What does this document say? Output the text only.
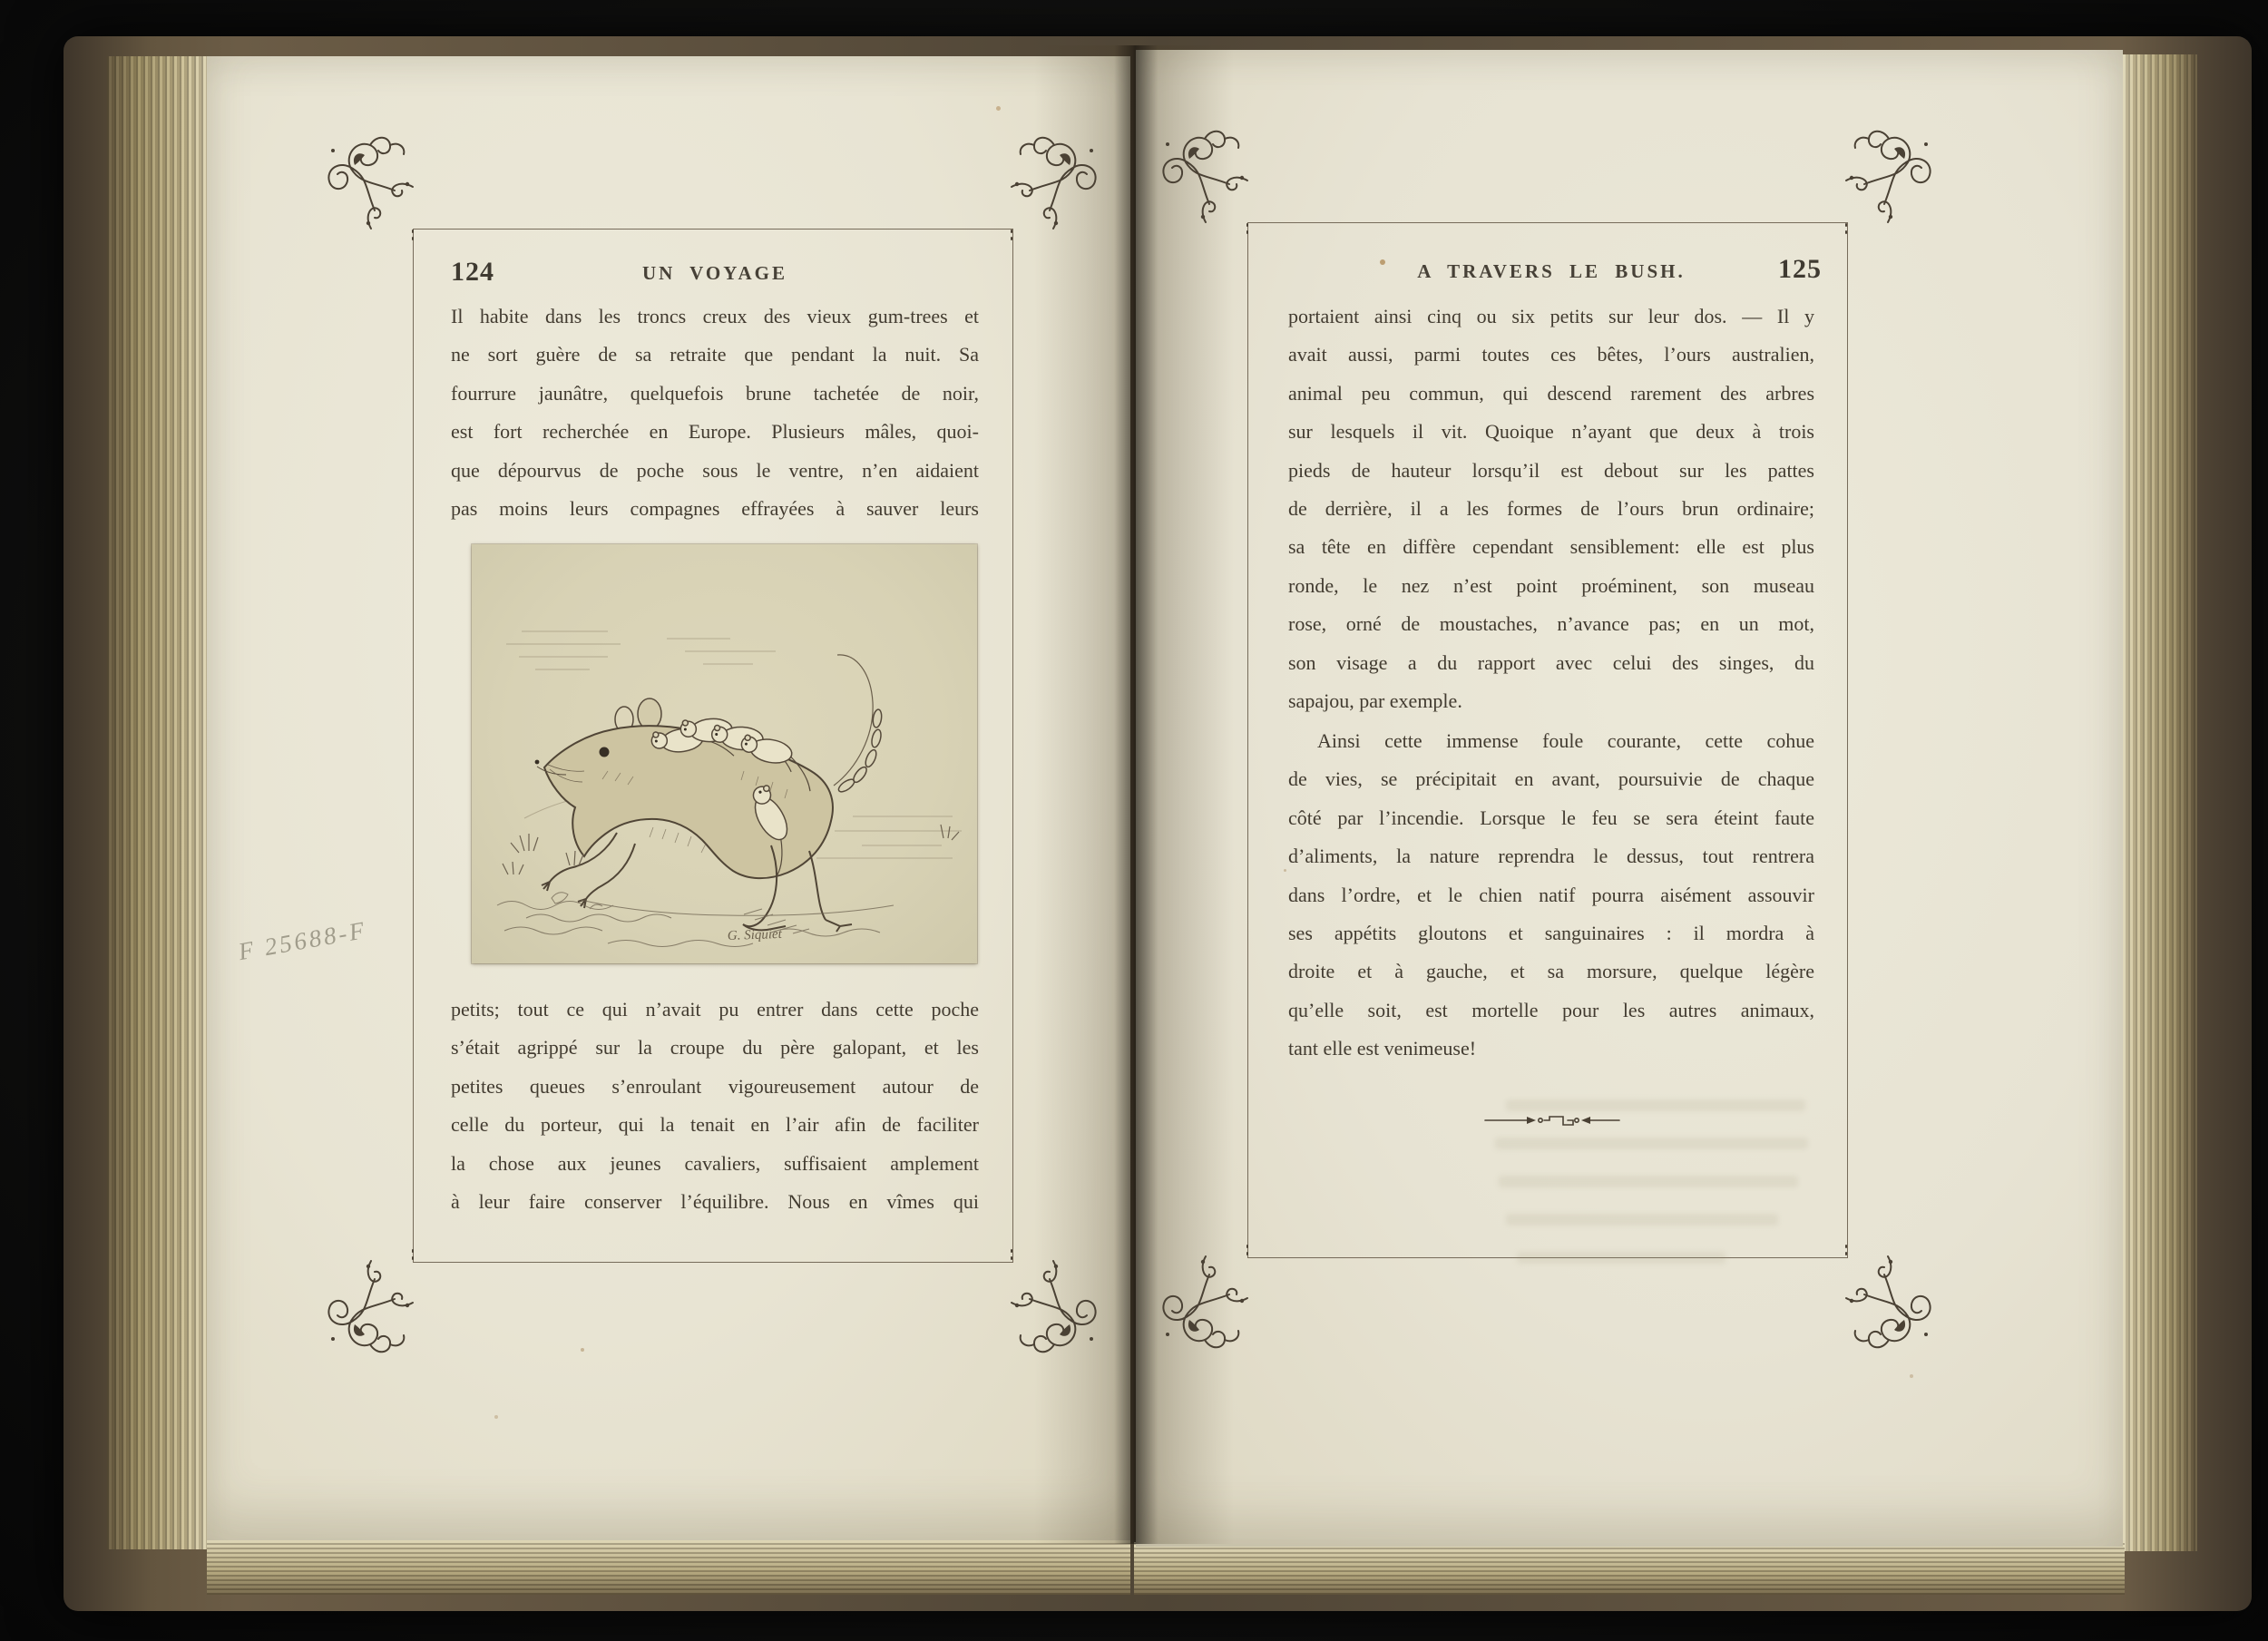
124	UN VOYAGE
Il habite dans les troncs creux des vieux gum-trees et
ne sort guère de sa retraite que pendant la nuit. Sa
fourrure jaunâtre, quelquefois brune tachetée de noir,
est fort recherchée en Europe. Plusieurs mâles, quoi-
que dépourvus de poche sous le ventre, n’en aidaient
pas moins leurs compagnes effrayées à sauver leurs
G. Siquiet
petits; tout ce qui n’avait pu entrer dans cette poche
s’était agrippé sur la croupe du père galopant, et les
petites queues s’enroulant vigoureusement autour de
celle du porteur, qui la tenait en l’air afin de faciliter
la chose aux jeunes cavaliers, suffisaient amplement
à leur faire conserver l’équilibre. Nous en vîmes qui
F 25688-F
A TRAVERS LE BUSH.	125
portaient ainsi cinq ou six petits sur leur dos. — Il y
avait aussi, parmi toutes ces bêtes, l’ours australien,
animal peu commun, qui descend rarement des arbres
sur lesquels il vit. Quoique n’ayant que deux à trois
pieds de hauteur lorsqu’il est debout sur les pattes
de derrière, il a les formes de l’ours brun ordinaire;
sa tête en diffère cependant sensiblement: elle est plus
ronde, le nez n’est point proéminent, son museau
rose, orné de moustaches, n’avance pas; en un mot,
son visage a du rapport avec celui des singes, du
sapajou, par exemple.
Ainsi cette immense foule courante, cette cohue
de vies, se précipitait en avant, poursuivie de chaque
côté par l’incendie. Lorsque le feu se sera éteint faute
d’aliments, la nature reprendra le dessus, tout rentrera
dans l’ordre, et le chien natif pourra aisément assouvir
ses appétits gloutons et sanguinaires : il mordra à
droite et à gauche, et sa morsure, quelque légère
qu’elle soit, est mortelle pour les autres animaux,
tant elle est venimeuse!
